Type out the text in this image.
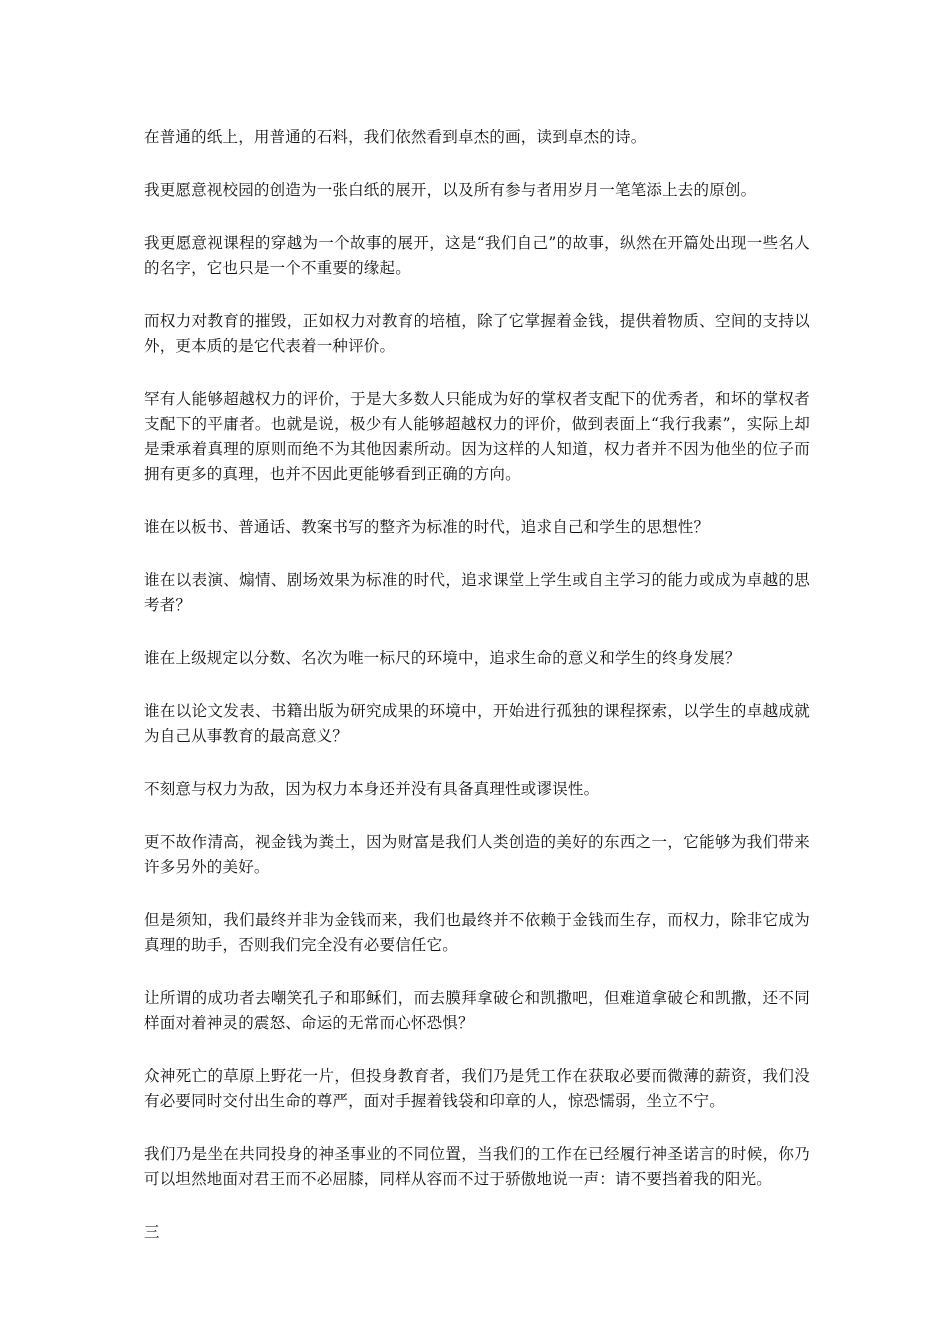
在普通的纸上，用普通的石料，我们依然看到卓杰的画，读到卓杰的诗。

我更愿意视校园的创造为一张白纸的展开，以及所有参与者用岁月一笔笔添上去的原创。

我更愿意视课程的穿越为一个故事的展开，这是“我们自己”的故事，纵然在开篇处出现一些名人的名字，它也只是一个不重要的缘起。

而权力对教育的摧毁，正如权力对教育的培植，除了它掌握着金钱，提供着物质、空间的支持以外，更本质的是它代表着一种评价。

罕有人能够超越权力的评价，于是大多数人只能成为好的掌权者支配下的优秀者，和坏的掌权者支配下的平庸者。也就是说，极少有人能够超越权力的评价，做到表面上“我行我素”，实际上却是秉承着真理的原则而绝不为其他因素所动。因为这样的人知道，权力者并不因为他坐的位子而拥有更多的真理，也并不因此更能够看到正确的方向。

谁在以板书、普通话、教案书写的整齐为标准的时代，追求自己和学生的思想性？

谁在以表演、煽情、剧场效果为标准的时代，追求课堂上学生或自主学习的能力或成为卓越的思考者？

谁在上级规定以分数、名次为唯一标尺的环境中，追求生命的意义和学生的终身发展？

谁在以论文发表、书籍出版为研究成果的环境中，开始进行孤独的课程探索，以学生的卓越成就为自己从事教育的最高意义？

不刻意与权力为敌，因为权力本身还并没有具备真理性或谬误性。

更不故作清高，视金钱为粪土，因为财富是我们人类创造的美好的东西之一，它能够为我们带来许多另外的美好。

但是须知，我们最终并非为金钱而来，我们也最终并不依赖于金钱而生存，而权力，除非它成为真理的助手，否则我们完全没有必要信任它。

让所谓的成功者去嘲笑孔子和耶稣们，而去膜拜拿破仑和凯撒吧，但难道拿破仑和凯撒，还不同样面对着神灵的震怒、命运的无常而心怀恐惧？

众神死亡的草原上野花一片，但投身教育者，我们乃是凭工作在获取必要而微薄的薪资，我们没有必要同时交付出生命的尊严，面对手握着钱袋和印章的人，惊恐懦弱，坐立不宁。

我们乃是坐在共同投身的神圣事业的不同位置，当我们的工作在已经履行神圣诺言的时候，你乃可以坦然地面对君王而不必屈膝，同样从容而不过于骄傲地说一声：请不要挡着我的阳光。

三
